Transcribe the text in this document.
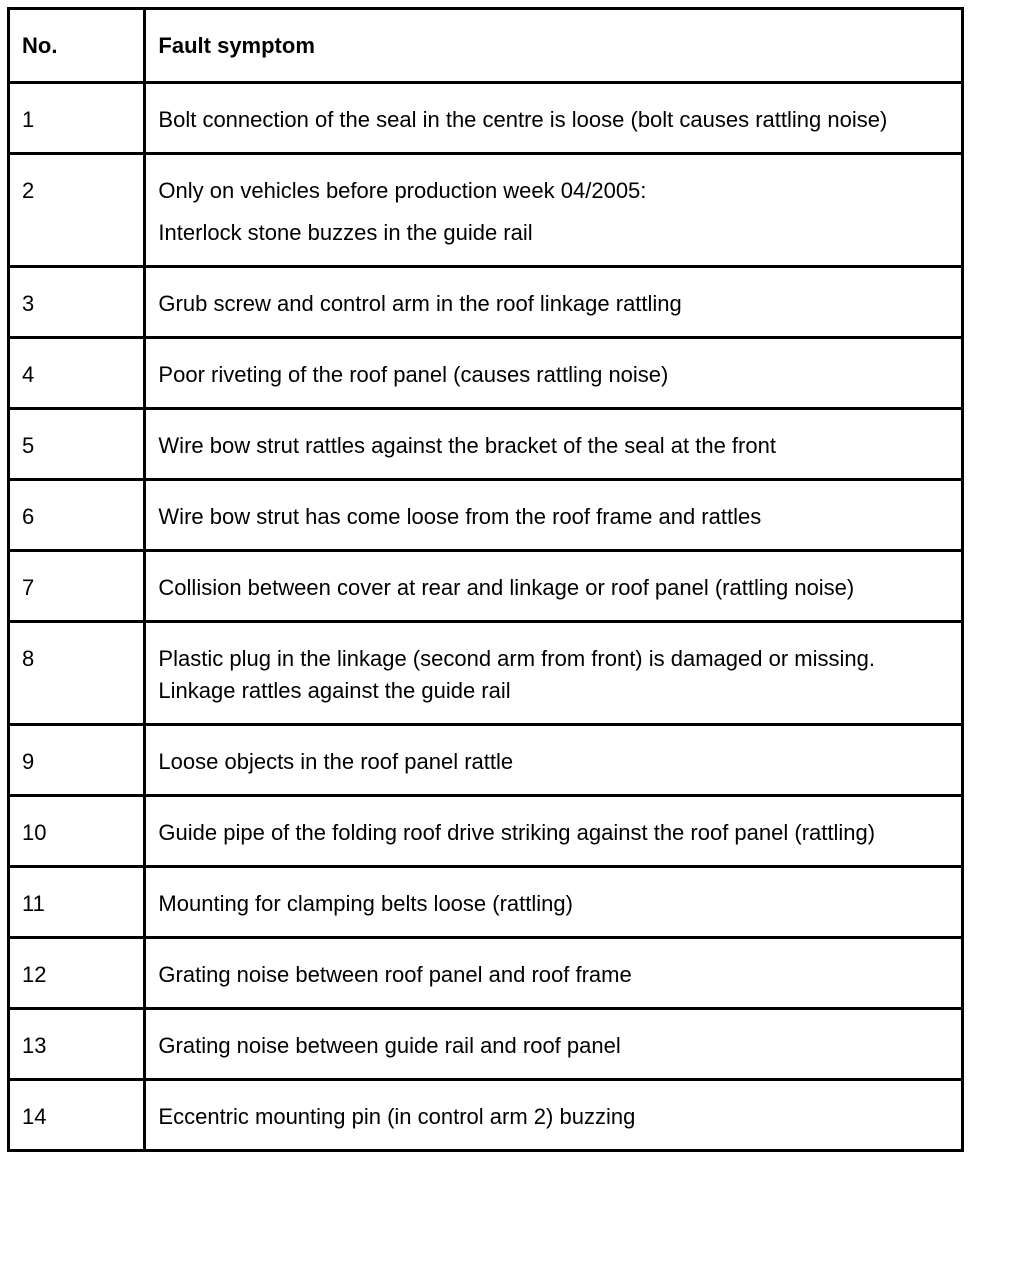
No.	Fault symptom

1	Bolt connection of the seal in the centre is loose (bolt causes rattling noise)

2	Only on vehicles before production week 04/2005:
Interlock stone buzzes in the guide rail

3	Grub screw and control arm in the roof linkage rattling

4	Poor riveting of the roof panel (causes rattling noise)

5	Wire bow strut rattles against the bracket of the seal at the front

6	Wire bow strut has come loose from the roof frame and rattles

7	Collision between cover at rear and linkage or roof panel (rattling noise)

8	Plastic plug in the linkage (second arm from front) is damaged or missing. Linkage rattles against the guide rail

9	Loose objects in the roof panel rattle

10	Guide pipe of the folding roof drive striking against the roof panel (rattling)

11	Mounting for clamping belts loose (rattling)

12	Grating noise between roof panel and roof frame

13	Grating noise between guide rail and roof panel

14	Eccentric mounting pin (in control arm 2) buzzing
